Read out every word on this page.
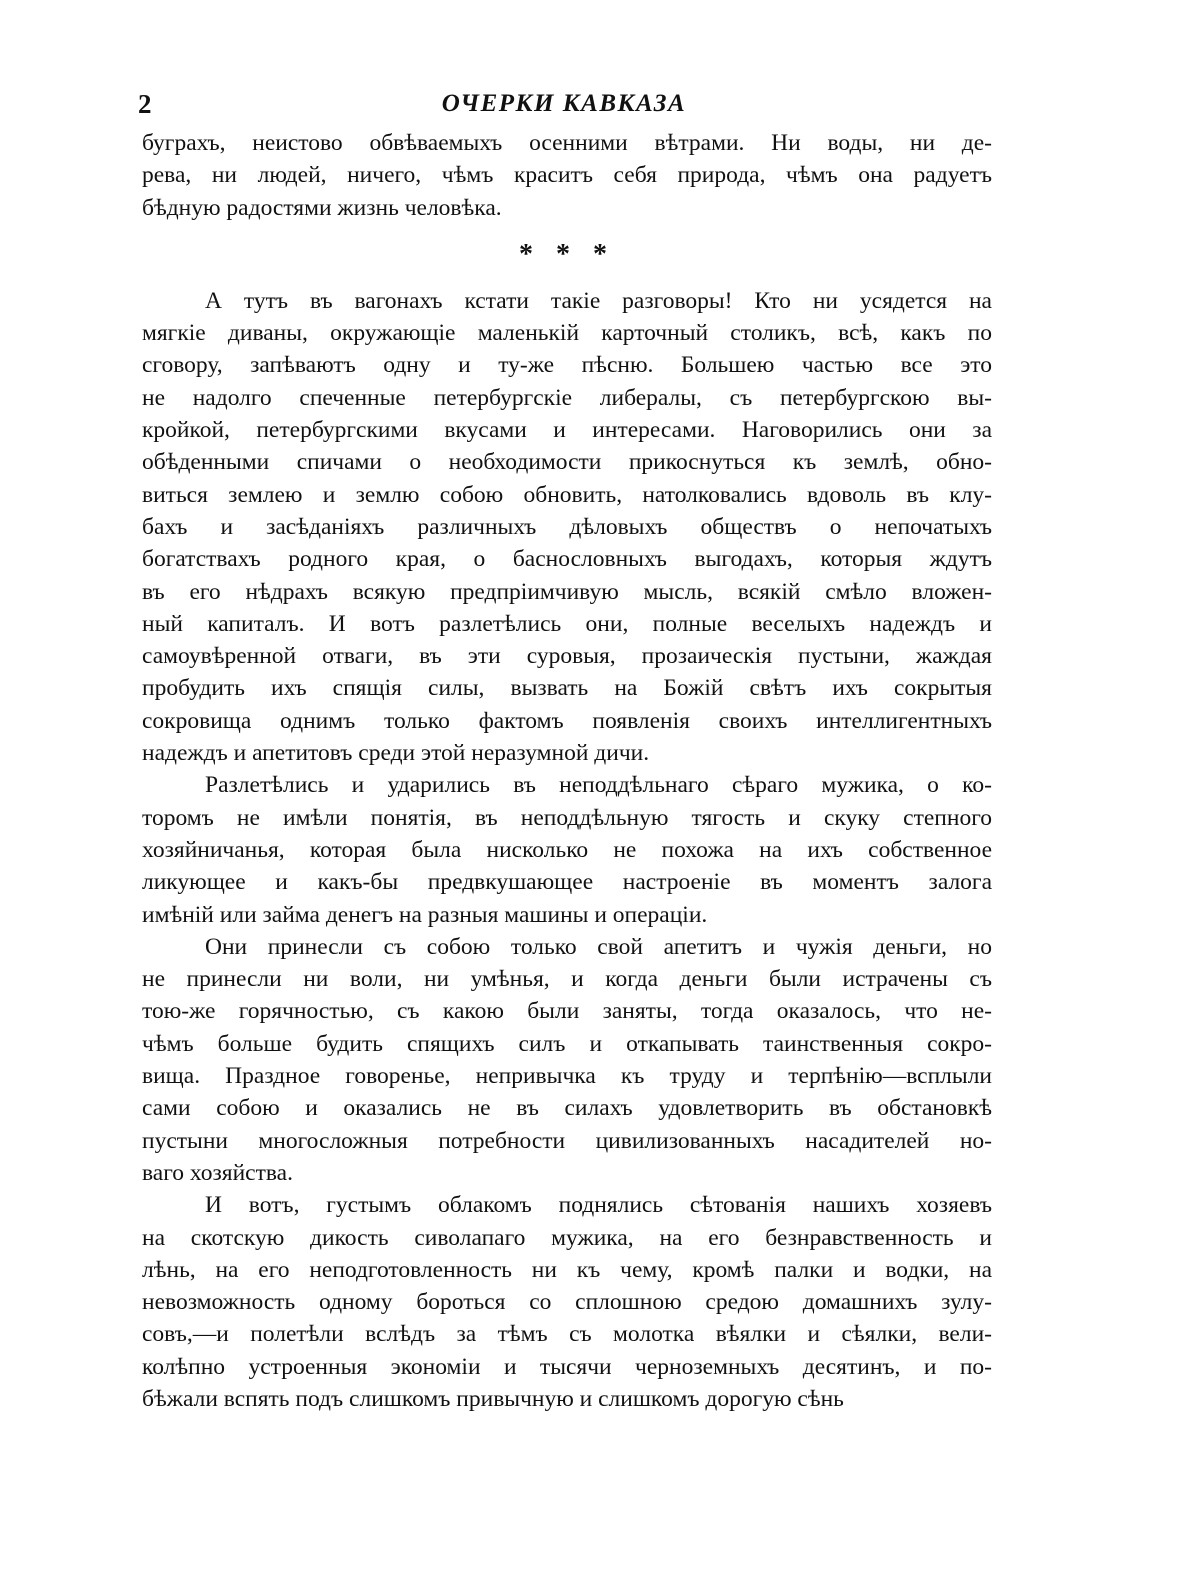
2	ОЧЕРКИ КАВКАЗА
буграхъ, неистово обвѣваемыхъ осенними вѣтрами. Ни воды, ни де-
рева, ни людей, ничего, чѣмъ краситъ себя природа, чѣмъ она радуетъ
бѣдную радостями жизнь человѣка.
* * *
А тутъ въ вагонахъ кстати такіе разговоры! Кто ни усядется на
мягкіе диваны, окружающіе маленькій карточный столикъ, всѣ, какъ по
сговору, запѣваютъ одну и ту-же пѣсню. Большею частью все это
не надолго спеченные петербургскіе либералы, съ петербургскою вы-
кройкой, петербургскими вкусами и интересами. Наговорились они за
обѣденными спичами о необходимости прикоснуться къ землѣ, обно-
виться землею и землю собою обновить, натолковались вдоволь въ клу-
бахъ и засѣданіяхъ различныхъ дѣловыхъ обществъ о непочатыхъ
богатствахъ родного края, о баснословныхъ выгодахъ, которыя ждутъ
въ его нѣдрахъ всякую предпріимчивую мысль, всякій смѣло вложен-
ный капиталъ. И вотъ разлетѣлись они, полные веселыхъ надеждъ и
самоувѣренной отваги, въ эти суровыя, прозаическія пустыни, жаждая
пробудить ихъ спящія силы, вызвать на Божій свѣтъ ихъ сокрытыя
сокровища однимъ только фактомъ появленія своихъ интеллигентныхъ
надеждъ и апетитовъ среди этой неразумной дичи.
Разлетѣлись и ударились въ неподдѣльнаго сѣраго мужика, о ко-
торомъ не имѣли понятія, въ неподдѣльную тягость и скуку степного
хозяйничанья, которая была нисколько не похожа на ихъ собственное
ликующее и какъ-бы предвкушающее настроеніе въ моментъ залога
имѣній или займа денегъ на разныя машины и операціи.
Они принесли съ собою только свой апетитъ и чужія деньги, но
не принесли ни воли, ни умѣнья, и когда деньги были истрачены съ
тою-же горячностью, съ какою были заняты, тогда оказалось, что не-
чѣмъ больше будить спящихъ силъ и откапывать таинственныя сокро-
вища. Праздное говоренье, непривычка къ труду и терпѣнію—всплыли
сами собою и оказались не въ силахъ удовлетворить въ обстановкѣ
пустыни многосложныя потребности цивилизованныхъ насадителей но-
ваго хозяйства.
И вотъ, густымъ облакомъ поднялись сѣтованія нашихъ хозяевъ
на скотскую дикость сиволапаго мужика, на его безнравственность и
лѣнь, на его неподготовленность ни къ чему, кромѣ палки и водки, на
невозможность одному бороться со сплошною средою домашнихъ зулу-
совъ,—и полетѣли вслѣдъ за тѣмъ съ молотка вѣялки и сѣялки, вели-
колѣпно устроенныя экономіи и тысячи черноземныхъ десятинъ, и по-
бѣжали вспять подъ слишкомъ привычную и слишкомъ дорогую сѣнь
